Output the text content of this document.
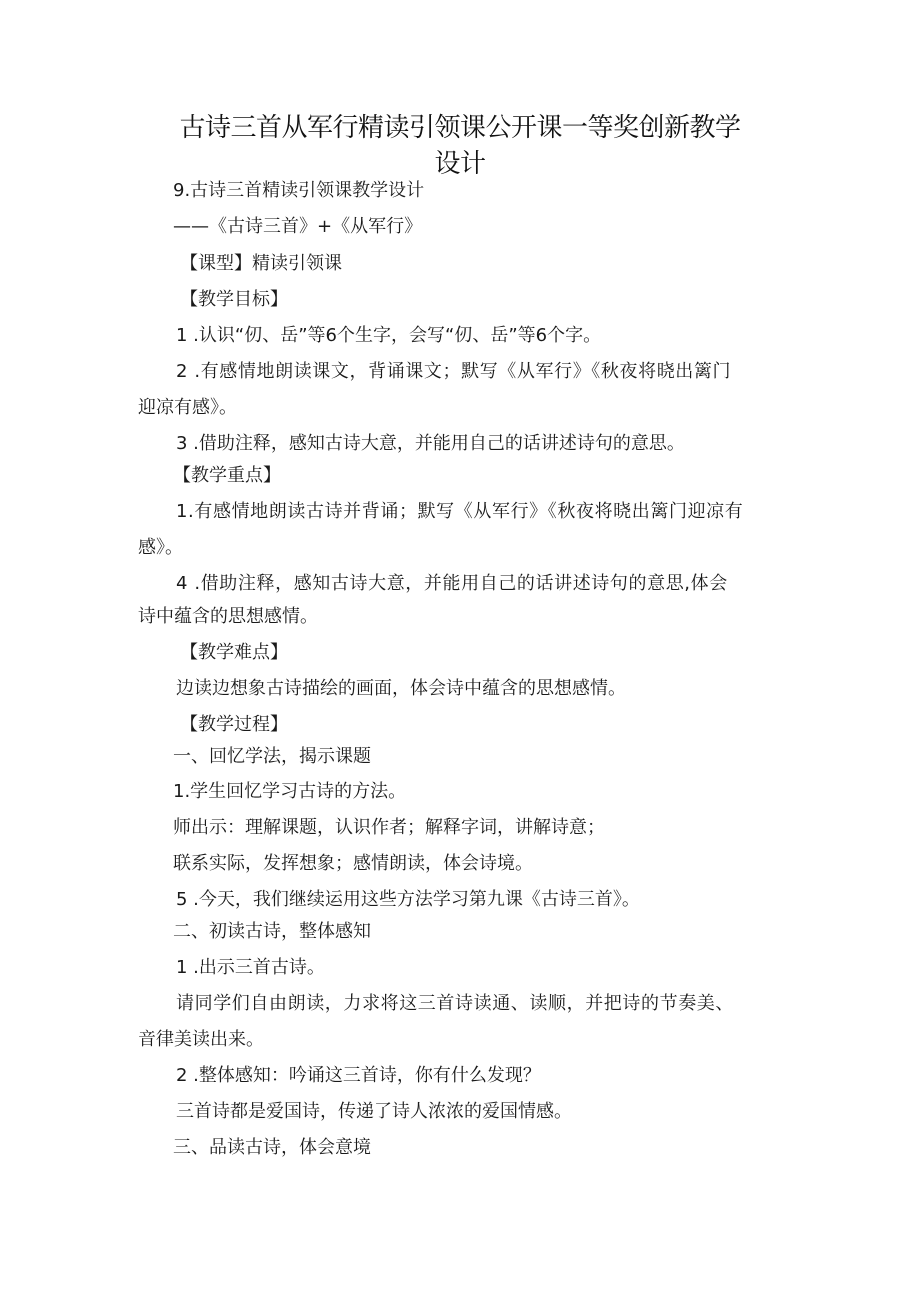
古诗三首从军行精读引领课公开课一等奖创新教学
设计
9.古诗三首精读引领课教学设计
——《古诗三首》+《从军行》
【课型】精读引领课
【教学目标】
1 .认识“仞、岳”等6个生字，会写“仞、岳”等6个字。
2 .有感情地朗读课文，背诵课文；默写《从军行》《秋夜将晓出篱门
迎凉有感》。
3 .借助注释，感知古诗大意，并能用自己的话讲述诗句的意思。
【教学重点】
1.有感情地朗读古诗并背诵；默写《从军行》《秋夜将晓出篱门迎凉有
感》。
4 .借助注释，感知古诗大意，并能用自己的话讲述诗句的意思,体会
诗中蕴含的思想感情。
【教学难点】
边读边想象古诗描绘的画面，体会诗中蕴含的思想感情。
【教学过程】
一、回忆学法，揭示课题
1.学生回忆学习古诗的方法。
师出示：理解课题，认识作者；解释字词，讲解诗意；
联系实际，发挥想象；感情朗读，体会诗境。
5 .今天，我们继续运用这些方法学习第九课《古诗三首》。
二、初读古诗，整体感知
1 .出示三首古诗。
请同学们自由朗读，力求将这三首诗读通、读顺，并把诗的节奏美、
音律美读出来。
2 .整体感知：吟诵这三首诗，你有什么发现？
三首诗都是爱国诗，传递了诗人浓浓的爱国情感。
三、品读古诗，体会意境
